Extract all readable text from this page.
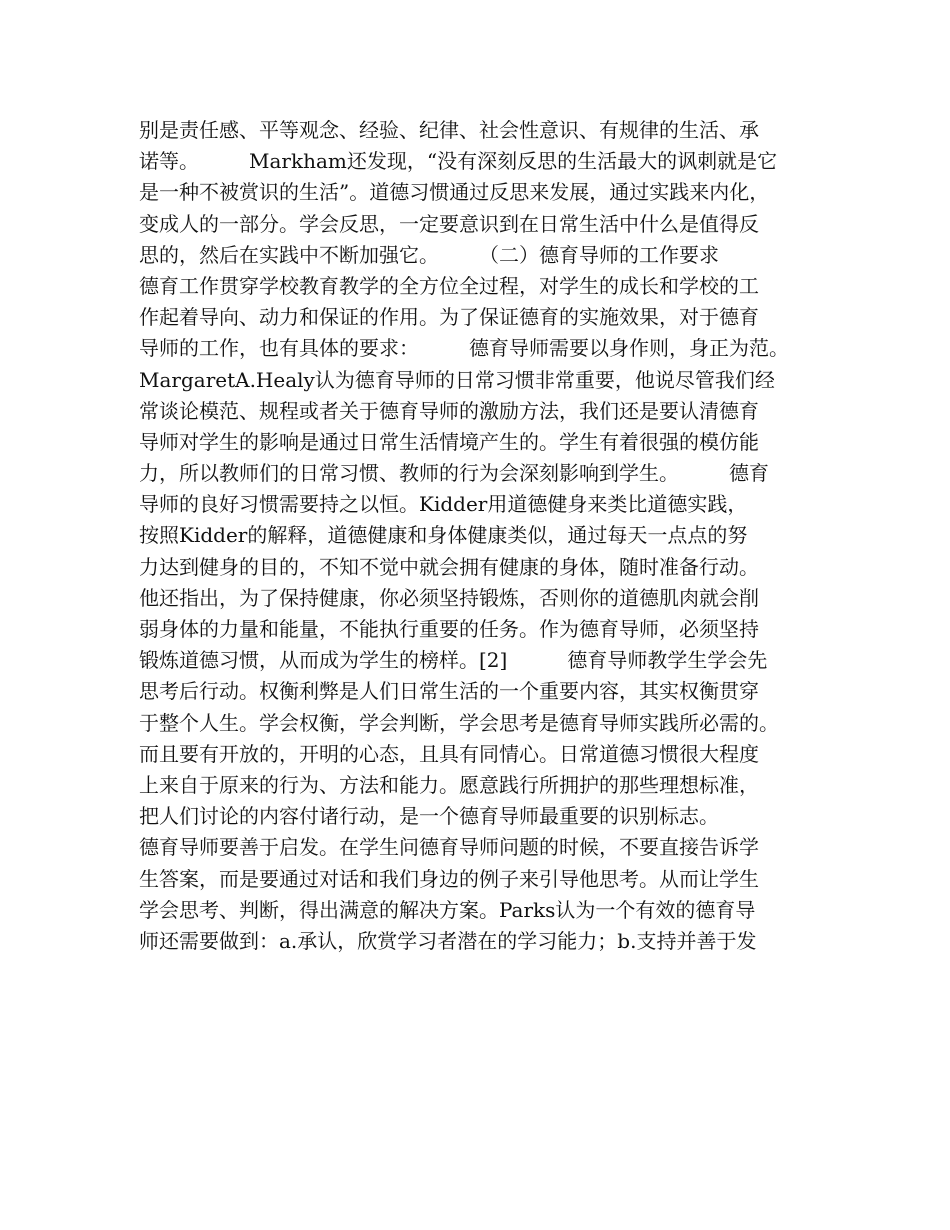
别是责任感、平等观念、经验、纪律、社会性意识、有规律的生活、承
诺等。　　　Markham还发现，“没有深刻反思的生活最大的讽刺就是它
是一种不被赏识的生活”。道德习惯通过反思来发展，通过实践来内化，
变成人的一部分。学会反思，一定要意识到在日常生活中什么是值得反
思的，然后在实践中不断加强它。　　　（二）德育导师的工作要求
德育工作贯穿学校教育教学的全方位全过程，对学生的成长和学校的工
作起着导向、动力和保证的作用。为了保证德育的实施效果，对于德育
导师的工作，也有具体的要求：　　　德育导师需要以身作则，身正为范。
MargaretA.Healy认为德育导师的日常习惯非常重要，他说尽管我们经
常谈论模范、规程或者关于德育导师的激励方法，我们还是要认清德育
导师对学生的影响是通过日常生活情境产生的。学生有着很强的模仿能
力，所以教师们的日常习惯、教师的行为会深刻影响到学生。　　　德育
导师的良好习惯需要持之以恒。Kidder用道德健身来类比道德实践，
按照Kidder的解释，道德健康和身体健康类似，通过每天一点点的努
力达到健身的目的，不知不觉中就会拥有健康的身体，随时准备行动。
他还指出，为了保持健康，你必须坚持锻炼，否则你的道德肌肉就会削
弱身体的力量和能量，不能执行重要的任务。作为德育导师，必须坚持
锻炼道德习惯，从而成为学生的榜样。[2]　　　德育导师教学生学会先
思考后行动。权衡利弊是人们日常生活的一个重要内容，其实权衡贯穿
于整个人生。学会权衡，学会判断，学会思考是德育导师实践所必需的。
而且要有开放的，开明的心态，且具有同情心。日常道德习惯很大程度
上来自于原来的行为、方法和能力。愿意践行所拥护的那些理想标准，
把人们讨论的内容付诸行动，是一个德育导师最重要的识别标志。
德育导师要善于启发。在学生问德育导师问题的时候，不要直接告诉学
生答案，而是要通过对话和我们身边的例子来引导他思考。从而让学生
学会思考、判断，得出满意的解决方案。Parks认为一个有效的德育导
师还需要做到：a.承认，欣赏学习者潜在的学习能力；b.支持并善于发
